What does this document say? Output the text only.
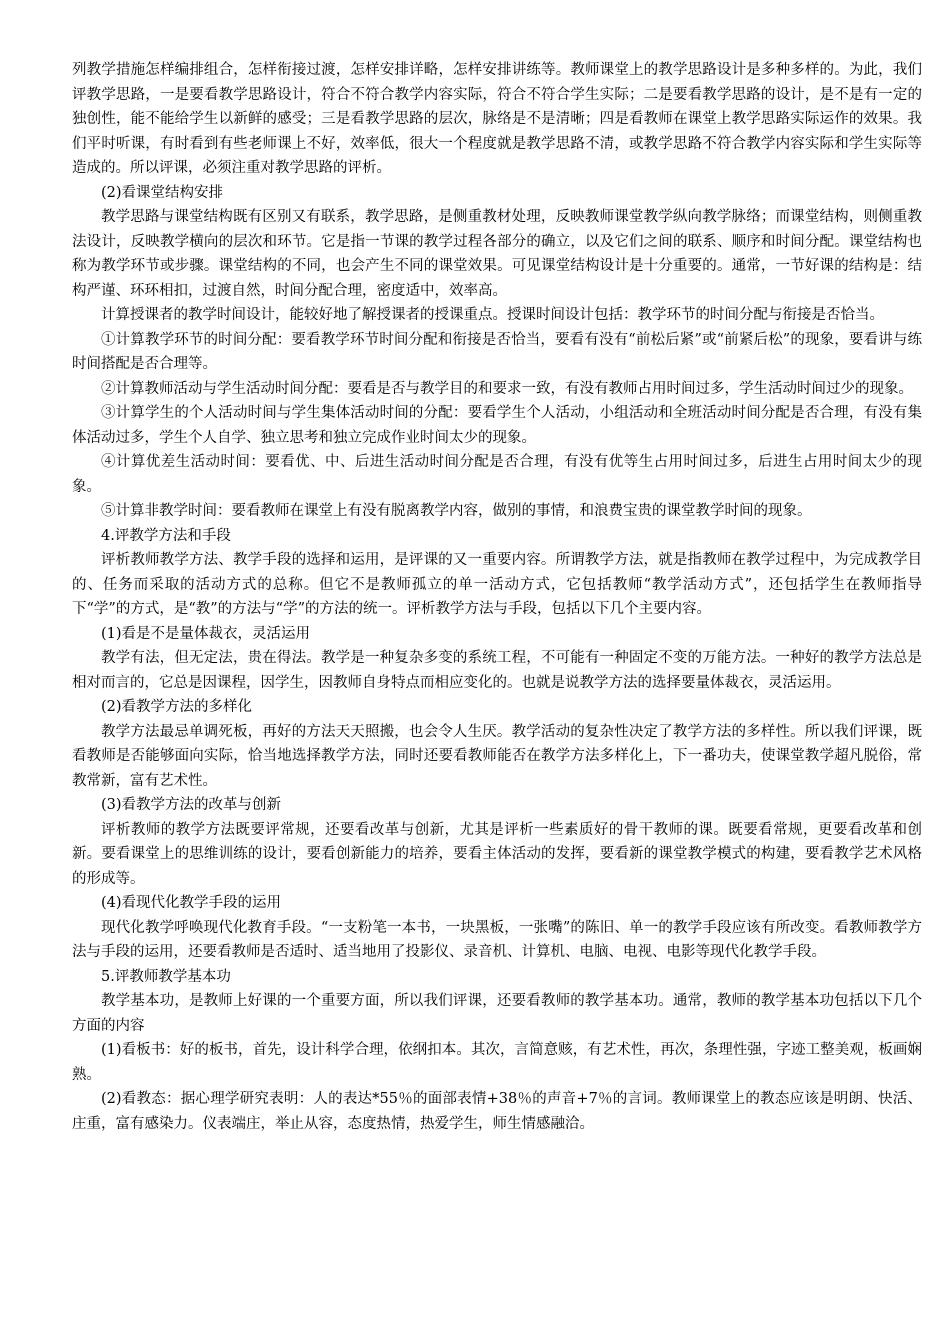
列教学措施怎样编排组合，怎样衔接过渡，怎样安排详略，怎样安排讲练等。教师课堂上的教学思路设计是多种多样的。为此，我们评教学思路，一是要看教学思路设计，符合不符合教学内容实际，符合不符合学生实际；二是要看教学思路的设计，是不是有一定的独创性，能不能给学生以新鲜的感受；三是看教学思路的层次，脉络是不是清晰；四是看教师在课堂上教学思路实际运作的效果。我们平时听课，有时看到有些老师课上不好，效率低，很大一个程度就是教学思路不清，或教学思路不符合教学内容实际和学生实际等造成的。所以评课，必须注重对教学思路的评析。

(2)看课堂结构安排

教学思路与课堂结构既有区别又有联系，教学思路，是侧重教材处理，反映教师课堂教学纵向教学脉络；而课堂结构，则侧重教法设计，反映教学横向的层次和环节。它是指一节课的教学过程各部分的确立，以及它们之间的联系、顺序和时间分配。课堂结构也称为教学环节或步骤。课堂结构的不同，也会产生不同的课堂效果。可见课堂结构设计是十分重要的。通常，一节好课的结构是：结构严谨、环环相扣，过渡自然，时间分配合理，密度适中，效率高。

计算授课者的教学时间设计，能较好地了解授课者的授课重点。授课时间设计包括：教学环节的时间分配与衔接是否恰当。

①计算教学环节的时间分配：要看教学环节时间分配和衔接是否恰当，要看有没有“前松后紧”或“前紧后松”的现象，要看讲与练时间搭配是否合理等。

②计算教师活动与学生活动时间分配：要看是否与教学目的和要求一致，有没有教师占用时间过多，学生活动时间过少的现象。

③计算学生的个人活动时间与学生集体活动时间的分配：要看学生个人活动，小组活动和全班活动时间分配是否合理，有没有集体活动过多，学生个人自学、独立思考和独立完成作业时间太少的现象。

④计算优差生活动时间：要看优、中、后进生活动时间分配是否合理，有没有优等生占用时间过多，后进生占用时间太少的现象。

⑤计算非教学时间：要看教师在课堂上有没有脱离教学内容，做别的事情，和浪费宝贵的课堂教学时间的现象。

4.评教学方法和手段

评析教师教学方法、教学手段的选择和运用，是评课的又一重要内容。所谓教学方法，就是指教师在教学过程中，为完成教学目的、任务而采取的活动方式的总称。但它不是教师孤立的单一活动方式，它包括教师“教学活动方式”，还包括学生在教师指导下“学”的方式，是“教”的方法与“学”的方法的统一。评析教学方法与手段，包括以下几个主要内容。

(1)看是不是量体裁衣，灵活运用

教学有法，但无定法，贵在得法。教学是一种复杂多变的系统工程，不可能有一种固定不变的万能方法。一种好的教学方法总是相对而言的，它总是因课程，因学生，因教师自身特点而相应变化的。也就是说教学方法的选择要量体裁衣，灵活运用。

(2)看教学方法的多样化

教学方法最忌单调死板，再好的方法天天照搬，也会令人生厌。教学活动的复杂性决定了教学方法的多样性。所以我们评课，既看教师是否能够面向实际，恰当地选择教学方法，同时还要看教师能否在教学方法多样化上，下一番功夫，使课堂教学超凡脱俗，常教常新，富有艺术性。

(3)看教学方法的改革与创新

评析教师的教学方法既要评常规，还要看改革与创新，尤其是评析一些素质好的骨干教师的课。既要看常规，更要看改革和创新。要看课堂上的思维训练的设计，要看创新能力的培养，要看主体活动的发挥，要看新的课堂教学模式的构建，要看教学艺术风格的形成等。

(4)看现代化教学手段的运用

现代化教学呼唤现代化教育手段。“一支粉笔一本书，一块黑板，一张嘴”的陈旧、单一的教学手段应该有所改变。看教师教学方法与手段的运用，还要看教师是否适时、适当地用了投影仪、录音机、计算机、电脑、电视、电影等现代化教学手段。

5.评教师教学基本功

教学基本功，是教师上好课的一个重要方面，所以我们评课，还要看教师的教学基本功。通常，教师的教学基本功包括以下几个方面的内容

(1)看板书：好的板书，首先，设计科学合理，依纲扣本。其次，言简意赅，有艺术性，再次，条理性强，字迹工整美观，板画娴熟。

(2)看教态：据心理学研究表明：人的表达*55％的面部表情+38％的声音+7％的言词。教师课堂上的教态应该是明朗、快活、庄重，富有感染力。仪表端庄，举止从容，态度热情，热爱学生，师生情感融洽。
